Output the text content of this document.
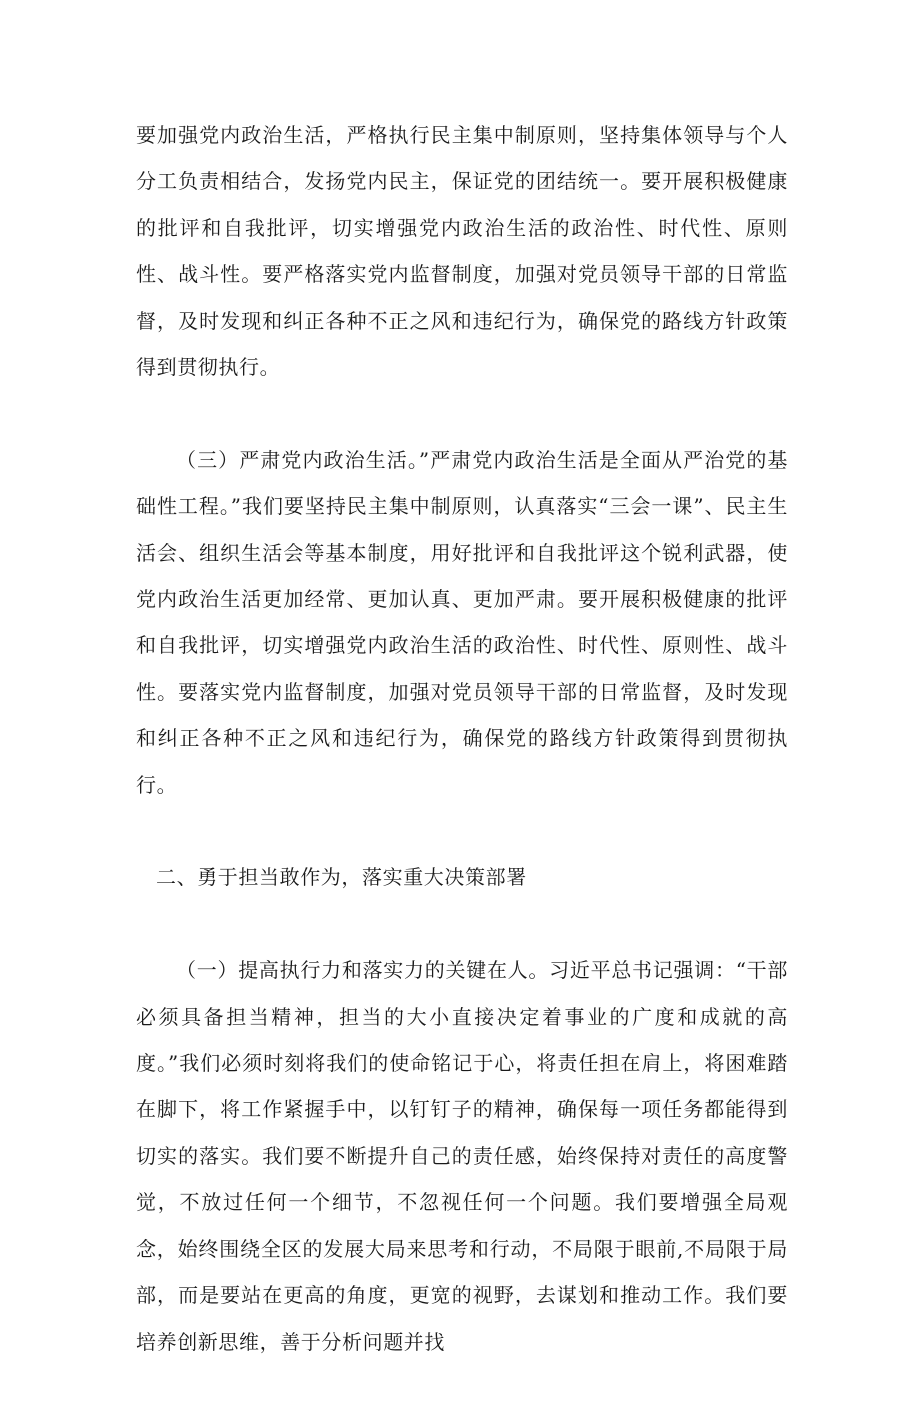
要加强党内政治生活，严格执行民主集中制原则，坚持集体领导与个人分工负责相结合，发扬党内民主，保证党的团结统一。要开展积极健康的批评和自我批评，切实增强党内政治生活的政治性、时代性、原则性、战斗性。要严格落实党内监督制度，加强对党员领导干部的日常监督，及时发现和纠正各种不正之风和违纪行为，确保党的路线方针政策得到贯彻执行。

（三）严肃党内政治生活。”严肃党内政治生活是全面从严治党的基础性工程。”我们要坚持民主集中制原则，认真落实“三会一课”、民主生活会、组织生活会等基本制度，用好批评和自我批评这个锐利武器，使党内政治生活更加经常、更加认真、更加严肃。要开展积极健康的批评和自我批评，切实增强党内政治生活的政治性、时代性、原则性、战斗性。要落实党内监督制度，加强对党员领导干部的日常监督，及时发现和纠正各种不正之风和违纪行为，确保党的路线方针政策得到贯彻执行。

二、勇于担当敢作为，落实重大决策部署

（一）提高执行力和落实力的关键在人。习近平总书记强调：“干部必须具备担当精神，担当的大小直接决定着事业的广度和成就的高度。”我们必须时刻将我们的使命铭记于心，将责任担在肩上，将困难踏在脚下，将工作紧握手中，以钉钉子的精神，确保每一项任务都能得到切实的落实。我们要不断提升自己的责任感，始终保持对责任的高度警觉，不放过任何一个细节，不忽视任何一个问题。我们要增强全局观念，始终围绕全区的发展大局来思考和行动，不局限于眼前,不局限于局部，而是要站在更高的角度，更宽的视野，去谋划和推动工作。我们要培养创新思维，善于分析问题并找
